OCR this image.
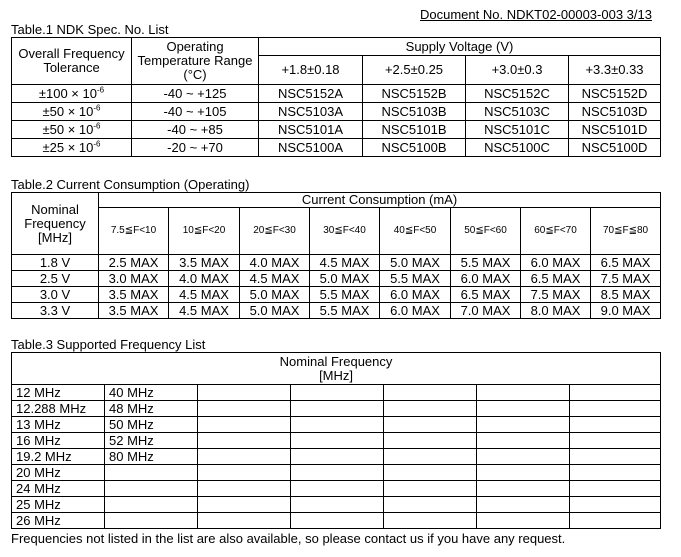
Document No. NDKT02-00003-003 3/13
Table.1 NDK Spec. No. List
Overall Frequency Tolerance	Operating Temperature Range (°C)	Supply Voltage (V)			
		+1.8±0.18	+2.5±0.25	+3.0±0.3	+3.3±0.33
$\pm 100 \times 10^{-6}$	-40 ~ +125	NSC5152A	NSC5152B	NSC5152C	NSC5152D
$\pm 50 \times 10^{-6}$	-40 ~ +105	NSC5103A	NSC5103B	NSC5103C	NSC5103D
$\pm 50 \times 10^{-6}$	-40 ~ +85	NSC5101A	NSC5101B	NSC5101C	NSC5101D
$\pm 25 \times 10^{-6}$	-20 ~ +70	NSC5100A	NSC5100B	NSC5100C	NSC5100D
Table.2 Current Consumption (Operating)
Nominal Frequency [MHz]	Current Consumption (mA)							
	7.5≦F<10	10≦F<20	20≦F<30	30≦F<40	40≦F<50	50≦F<60	60≦F<70	70≦F≦80
1.8 V	2.5 MAX	3.5 MAX	4.0 MAX	4.5 MAX	5.0 MAX	5.5 MAX	6.0 MAX	6.5 MAX
2.5 V	3.0 MAX	4.0 MAX	4.5 MAX	5.0 MAX	5.5 MAX	6.0 MAX	6.5 MAX	7.5 MAX
3.0 V	3.5 MAX	4.5 MAX	5.0 MAX	5.5 MAX	6.0 MAX	6.5 MAX	7.5 MAX	8.5 MAX
3.3 V	3.5 MAX	4.5 MAX	5.0 MAX	5.5 MAX	6.0 MAX	7.0 MAX	8.0 MAX	9.0 MAX
Table.3 Supported Frequency List
Nominal Frequency
[MHz]						
12 MHz	40 MHz					
12.288 MHz	48 MHz					
13 MHz	50 MHz					
16 MHz	52 MHz					
19.2 MHz	80 MHz					
20 MHz						
24 MHz						
25 MHz						
26 MHz						
Frequencies not listed in the list are also available, so please contact us if you have any request.
